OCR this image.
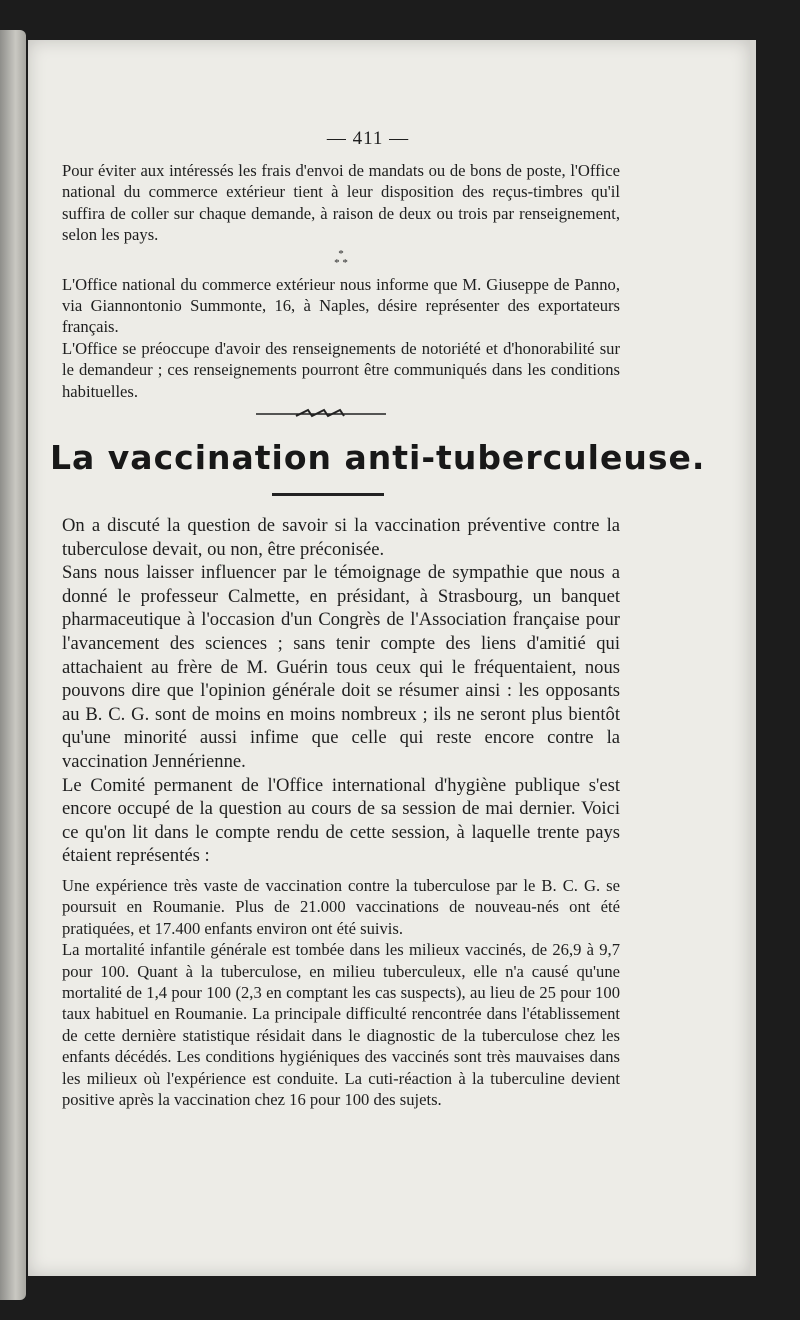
— 411 —

Pour éviter aux intéressés les frais d'envoi de mandats ou de bons de poste, l'Office national du commerce extérieur tient à leur disposition des reçus-timbres qu'il suffira de coller sur chaque demande, à raison de deux ou trois par renseignement, selon les pays.

*
* *

L'Office national du commerce extérieur nous informe que M. Giuseppe de Panno, via Giannontonio Summonte, 16, à Naples, désire représenter des exportateurs français.

L'Office se préoccupe d'avoir des renseignements de notoriété et d'honorabilité sur le demandeur ; ces renseignements pourront être communiqués dans les conditions habituelles.

La vaccination anti-tuberculeuse.

On a discuté la question de savoir si la vaccination préventive contre la tuberculose devait, ou non, être préconisée.

Sans nous laisser influencer par le témoignage de sympathie que nous a donné le professeur Calmette, en présidant, à Strasbourg, un banquet pharmaceutique à l'occasion d'un Congrès de l'Association française pour l'avancement des sciences ; sans tenir compte des liens d'amitié qui attachaient au frère de M. Guérin tous ceux qui le fréquentaient, nous pouvons dire que l'opinion générale doit se résumer ainsi : les opposants au B. C. G. sont de moins en moins nombreux ; ils ne seront plus bientôt qu'une minorité aussi infime que celle qui reste encore contre la vaccination Jennérienne.

Le Comité permanent de l'Office international d'hygiène publique s'est encore occupé de la question au cours de sa session de mai dernier. Voici ce qu'on lit dans le compte rendu de cette session, à laquelle trente pays étaient représentés :

Une expérience très vaste de vaccination contre la tuberculose par le B. C. G. se poursuit en Roumanie. Plus de 21.000 vaccinations de nouveau-nés ont été pratiquées, et 17.400 enfants environ ont été suivis.

La mortalité infantile générale est tombée dans les milieux vaccinés, de 26,9 à 9,7 pour 100. Quant à la tuberculose, en milieu tuberculeux, elle n'a causé qu'une mortalité de 1,4 pour 100 (2,3 en comptant les cas suspects), au lieu de 25 pour 100 taux habituel en Roumanie. La principale difficulté rencontrée dans l'établissement de cette dernière statistique résidait dans le diagnostic de la tuberculose chez les enfants décédés. Les conditions hygiéniques des vaccinés sont très mauvaises dans les milieux où l'expérience est conduite. La cuti-réaction à la tuberculine devient positive après la vaccination chez 16 pour 100 des sujets.
